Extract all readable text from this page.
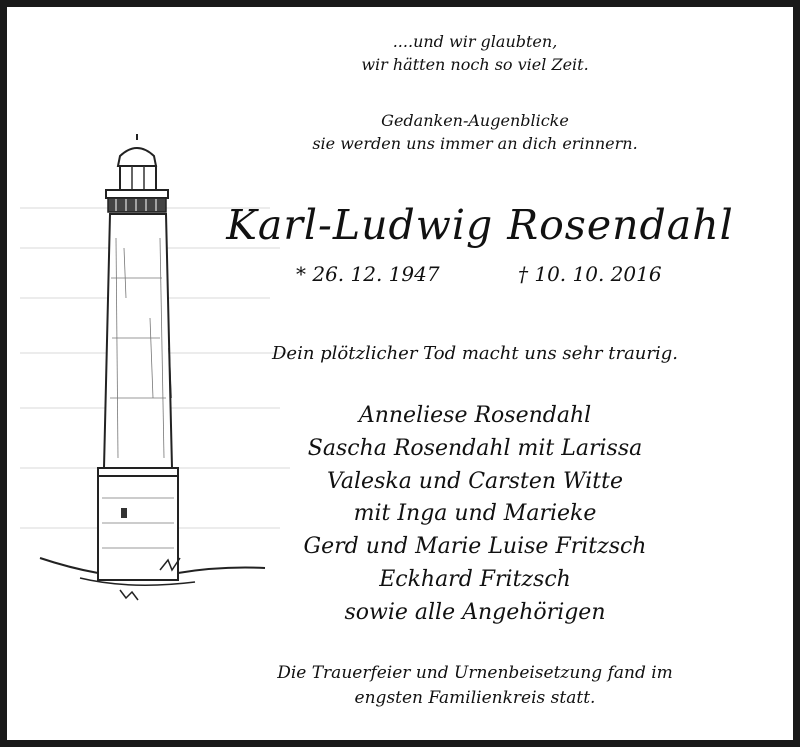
....und wir glaubten,
wir hätten noch so viel Zeit.
Gedanken-Augenblicke
sie werden uns immer an dich erinnern.
Karl-Ludwig Rosendahl
* 26. 12. 1947	† 10. 10. 2016
Dein plötzlicher Tod macht uns sehr traurig.
Anneliese Rosendahl
Sascha Rosendahl mit Larissa
Valeska und Carsten Witte
mit Inga und Marieke
Gerd und Marie Luise Fritzsch
Eckhard Fritzsch
sowie alle Angehörigen
Die Trauerfeier und Urnenbeisetzung fand im
engsten Familienkreis statt.
